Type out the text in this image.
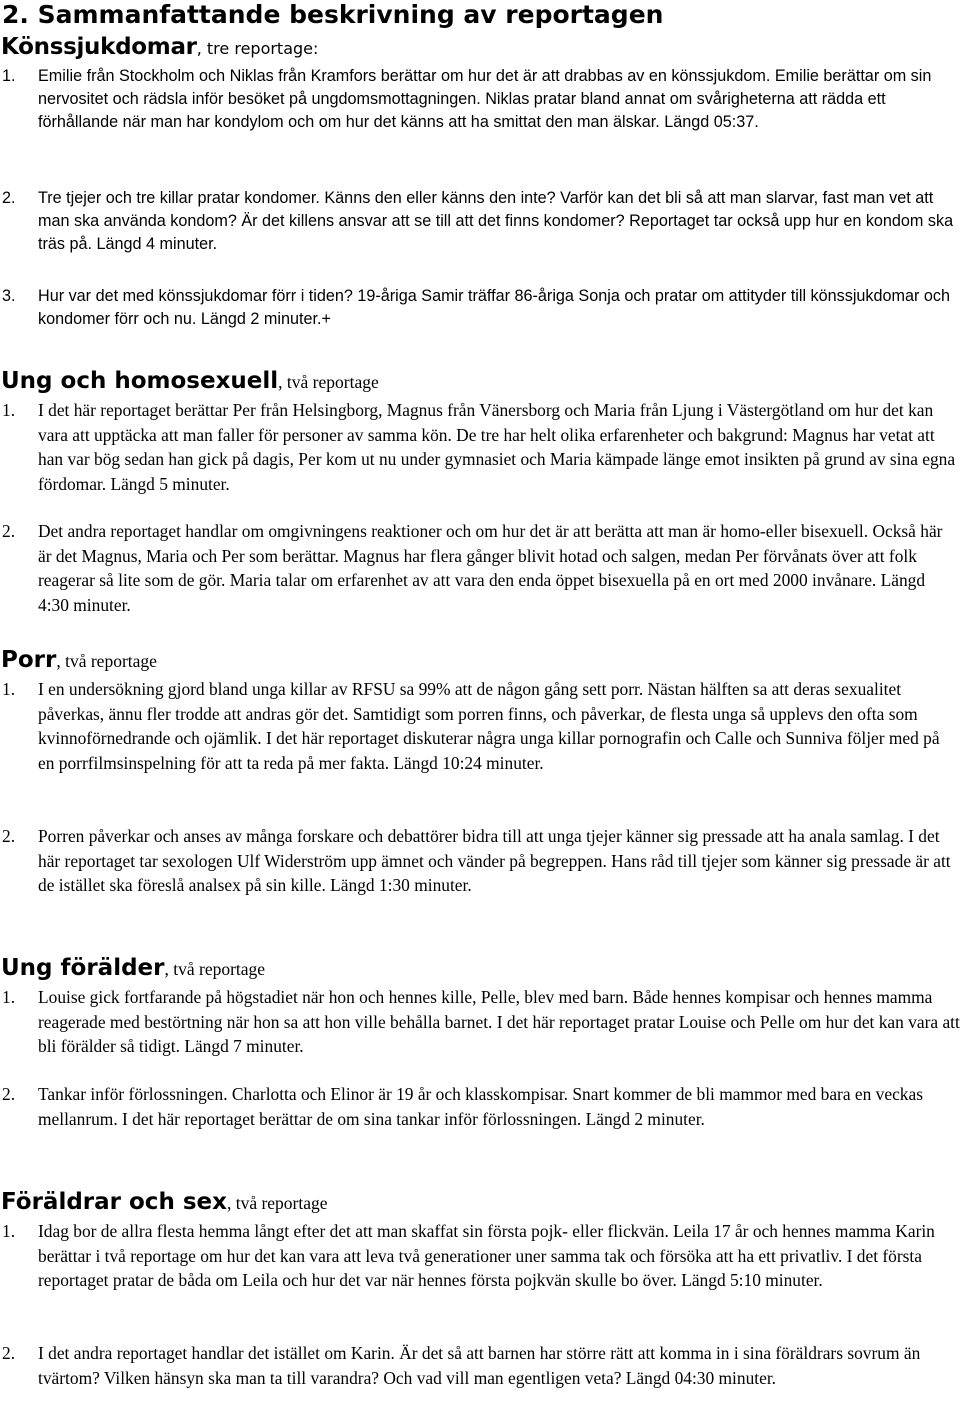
2. Sammanfattande beskrivning av reportagen
Könssjukdomar, tre reportage:
1. Emilie från Stockholm och Niklas från Kramfors berättar om hur det är att drabbas av en könssjukdom. Emilie berättar om sin nervositet och rädsla inför besöket på ungdomsmottagningen. Niklas pratar bland annat om svårigheterna att rädda ett förhållande när man har kondylom och om hur det känns att ha smittat den man älskar. Längd 05:37.
2. Tre tjejer och tre killar pratar kondomer. Känns den eller känns den inte? Varför kan det bli så att man slarvar, fast man vet att man ska använda kondom? Är det killens ansvar att se till att det finns kondomer? Reportaget tar också upp hur en kondom ska träs på. Längd 4 minuter.
3. Hur var det med könssjukdomar förr i tiden? 19-åriga Samir träffar 86-åriga Sonja och pratar om attityder till könssjukdomar och kondomer förr och nu. Längd 2 minuter.+
Ung och homosexuell, två reportage
1. I det här reportaget berättar Per från Helsingborg, Magnus från Vänersborg och Maria från Ljung i Västergötland om hur det kan vara att upptäcka att man faller för personer av samma kön. De tre har helt olika erfarenheter och bakgrund: Magnus har vetat att han var bög sedan han gick på dagis, Per kom ut nu under gymnasiet och Maria kämpade länge emot insikten på grund av sina egna fördomar. Längd 5 minuter.
2. Det andra reportaget handlar om omgivningens reaktioner och om hur det är att berätta att man är homo-eller bisexuell. Också här är det Magnus, Maria och Per som berättar. Magnus har flera gånger blivit hotad och salgen, medan Per förvånats över att folk reagerar så lite som de gör. Maria talar om erfarenhet av att vara den enda öppet bisexuella på en ort med 2000 invånare. Längd 4:30 minuter.
Porr, två reportage
1. I en undersökning gjord bland unga killar av RFSU sa 99% att de någon gång sett porr. Nästan hälften sa att deras sexualitet påverkas, ännu fler trodde att andras gör det. Samtidigt som porren finns, och påverkar, de flesta unga så upplevs den ofta som kvinnoförnedrande och ojämlik. I det här reportaget diskuterar några unga killar pornografin och Calle och Sunniva följer med på en porrfilmsinspelning för att ta reda på mer fakta. Längd 10:24 minuter.
2. Porren påverkar och anses av många forskare och debattörer bidra till att unga tjejer känner sig pressade att ha anala samlag. I det här reportaget tar sexologen Ulf Widerström upp ämnet och vänder på begreppen. Hans råd till tjejer som känner sig pressade är att de istället ska föreslå analsex på sin kille. Längd 1:30 minuter.
Ung förälder, två reportage
1. Louise gick fortfarande på högstadiet när hon och hennes kille, Pelle, blev med barn. Både hennes kompisar och hennes mamma reagerade med bestörtning när hon sa att hon ville behålla barnet. I det här reportaget pratar Louise och Pelle om hur det kan vara att bli förälder så tidigt. Längd 7 minuter.
2. Tankar inför förlossningen. Charlotta och Elinor är 19 år och klasskompisar. Snart kommer de bli mammor med bara en veckas mellanrum. I det här reportaget berättar de om sina tankar inför förlossningen. Längd 2 minuter.
Föräldrar och sex, två reportage
1. Idag bor de allra flesta hemma långt efter det att man skaffat sin första pojk- eller flickvän. Leila 17 år och hennes mamma Karin berättar i två reportage om hur det kan vara att leva två generationer uner samma tak och försöka att ha ett privatliv. I det första reportaget pratar de båda om Leila och hur det var när hennes första pojkvän skulle bo över. Längd 5:10 minuter.
2. I det andra reportaget handlar det istället om Karin. Är det så att barnen har större rätt att komma in i sina föräldrars sovrum än tvärtom? Vilken hänsyn ska man ta till varandra? Och vad vill man egentligen veta? Längd 04:30 minuter.
